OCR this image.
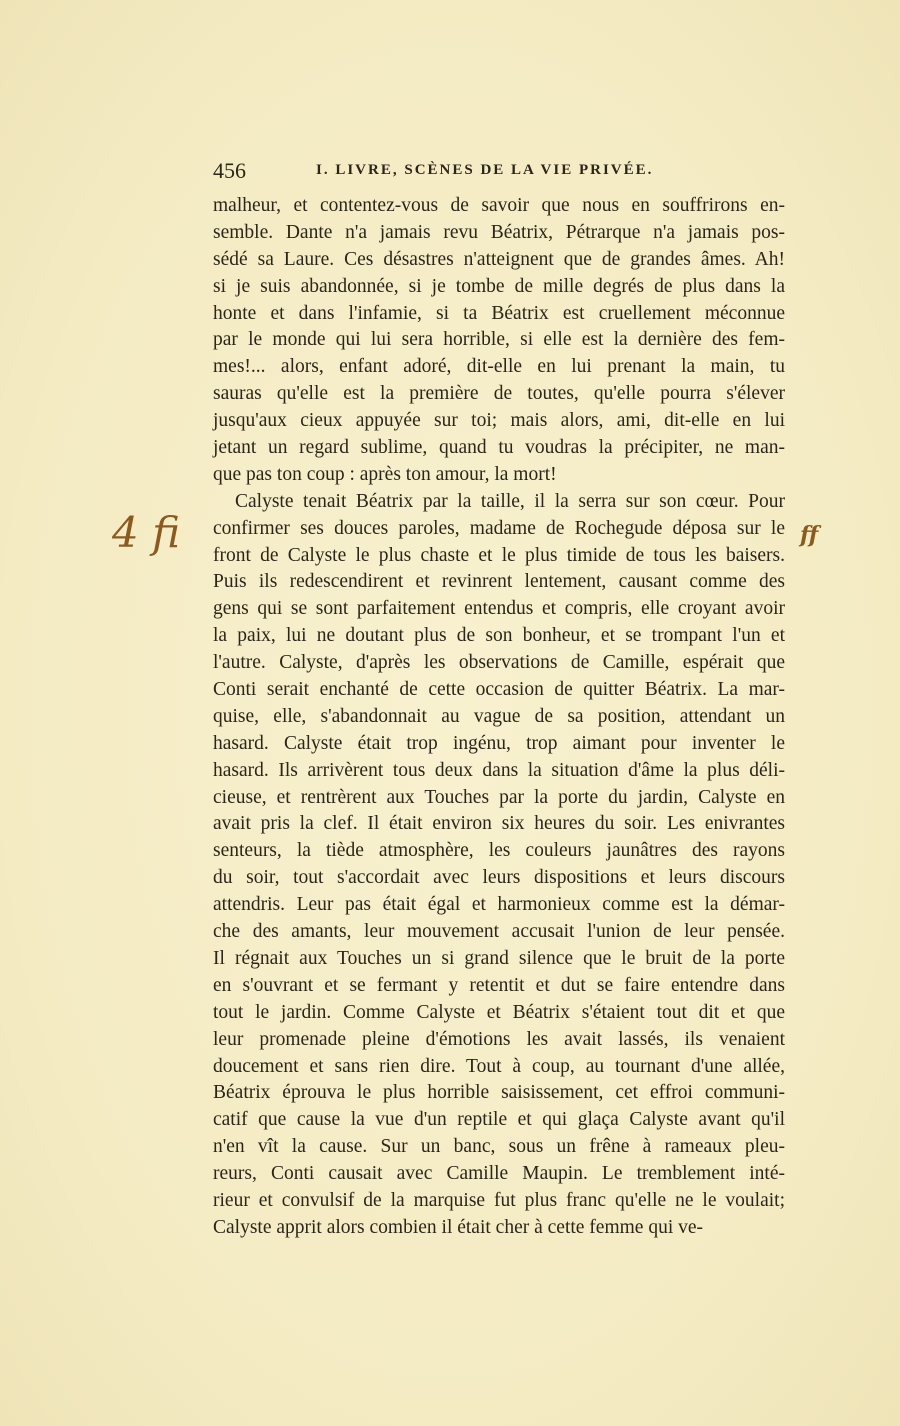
456	I. LIVRE, SCÈNES DE LA VIE PRIVÉE.
malheur, et contentez-vous de savoir que nous en souffrirons en-
semble. Dante n'a jamais revu Béatrix, Pétrarque n'a jamais pos-
sédé sa Laure. Ces désastres n'atteignent que de grandes âmes. Ah!
si je suis abandonnée, si je tombe de mille degrés de plus dans la
honte et dans l'infamie, si ta Béatrix est cruellement méconnue
par le monde qui lui sera horrible, si elle est la dernière des fem-
mes!... alors, enfant adoré, dit-elle en lui prenant la main, tu
sauras qu'elle est la première de toutes, qu'elle pourra s'élever
jusqu'aux cieux appuyée sur toi; mais alors, ami, dit-elle en lui
jetant un regard sublime, quand tu voudras la précipiter, ne man-
que pas ton coup : après ton amour, la mort!
Calyste tenait Béatrix par la taille, il la serra sur son cœur. Pour
confirmer ses douces paroles, madame de Rochegude déposa sur le
front de Calyste le plus chaste et le plus timide de tous les baisers.
Puis ils redescendirent et revinrent lentement, causant comme des
gens qui se sont parfaitement entendus et compris, elle croyant avoir
la paix, lui ne doutant plus de son bonheur, et se trompant l'un et
l'autre. Calyste, d'après les observations de Camille, espérait que
Conti serait enchanté de cette occasion de quitter Béatrix. La mar-
quise, elle, s'abandonnait au vague de sa position, attendant un
hasard. Calyste était trop ingénu, trop aimant pour inventer le
hasard. Ils arrivèrent tous deux dans la situation d'âme la plus déli-
cieuse, et rentrèrent aux Touches par la porte du jardin, Calyste en
avait pris la clef. Il était environ six heures du soir. Les enivrantes
senteurs, la tiède atmosphère, les couleurs jaunâtres des rayons
du soir, tout s'accordait avec leurs dispositions et leurs discours
attendris. Leur pas était égal et harmonieux comme est la démar-
che des amants, leur mouvement accusait l'union de leur pensée.
Il régnait aux Touches un si grand silence que le bruit de la porte
en s'ouvrant et se fermant y retentit et dut se faire entendre dans
tout le jardin. Comme Calyste et Béatrix s'étaient tout dit et que
leur promenade pleine d'émotions les avait lassés, ils venaient
doucement et sans rien dire. Tout à coup, au tournant d'une allée,
Béatrix éprouva le plus horrible saisissement, cet effroi communi-
catif que cause la vue d'un reptile et qui glaça Calyste avant qu'il
n'en vît la cause. Sur un banc, sous un frêne à rameaux pleu-
reurs, Conti causait avec Camille Maupin. Le tremblement inté-
rieur et convulsif de la marquise fut plus franc qu'elle ne le voulait;
Calyste apprit alors combien il était cher à cette femme qui ve-
4 fi	ff
